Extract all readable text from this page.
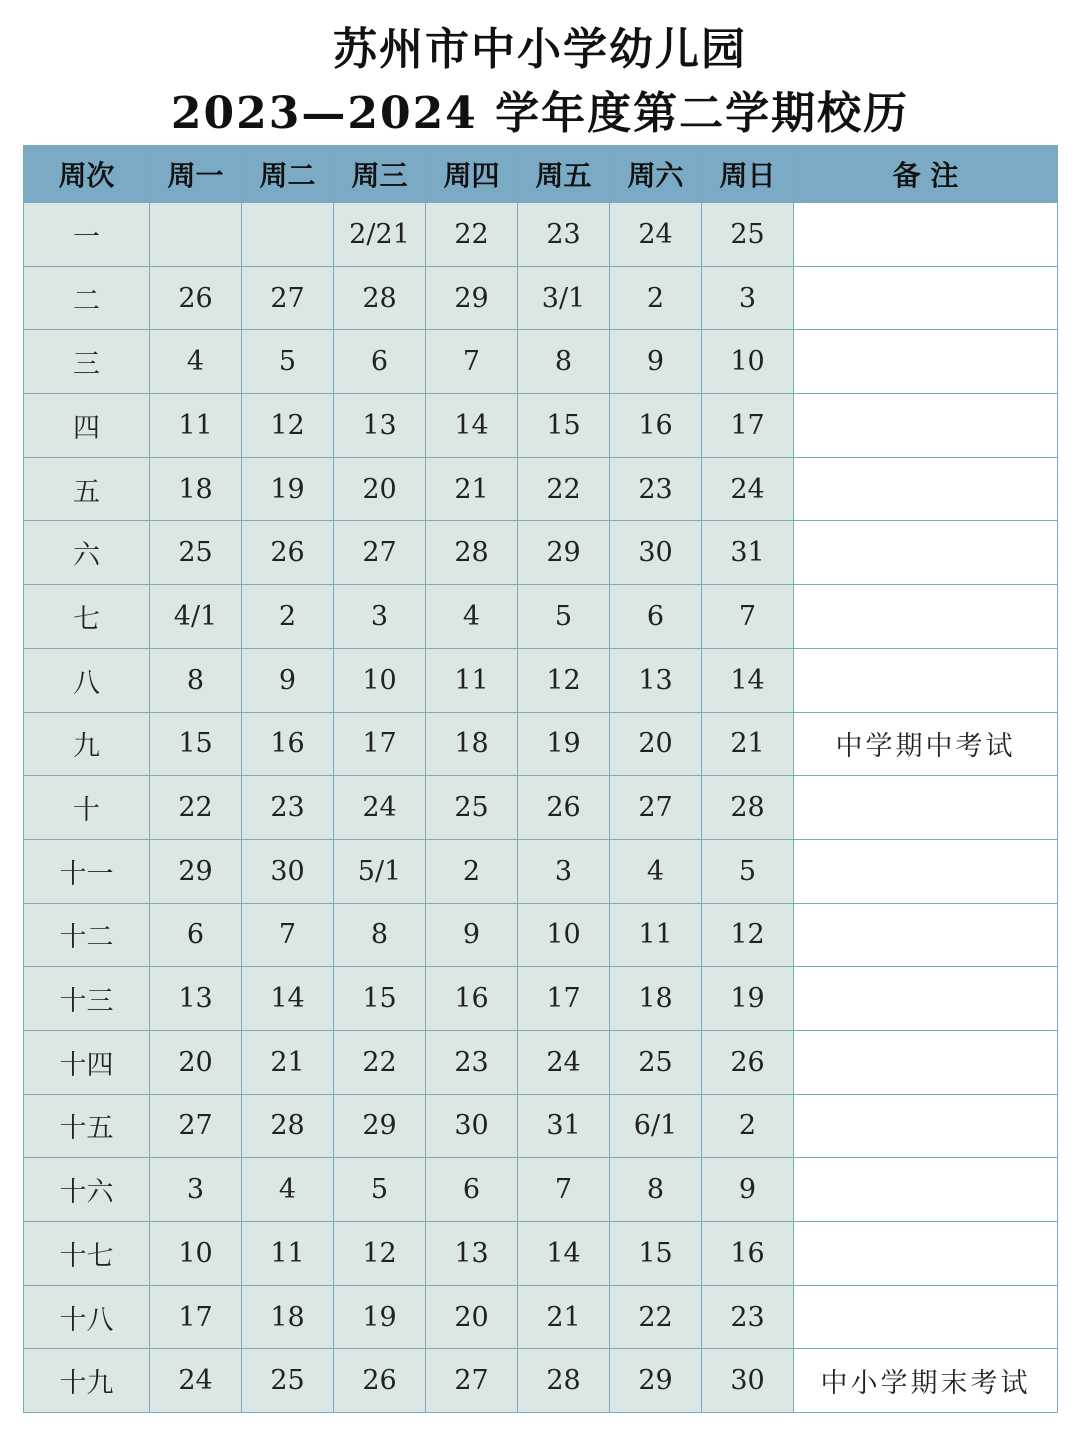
苏州市中小学幼儿园
2023—2024 学年度第二学期校历
周次	周一	周二	周三	周四	周五	周六	周日	备 注
一			2/21	22	23	24	25	
二	26	27	28	29	3/1	2	3	
三	4	5	6	7	8	9	10	
四	11	12	13	14	15	16	17	
五	18	19	20	21	22	23	24	
六	25	26	27	28	29	30	31	
七	4/1	2	3	4	5	6	7	
八	8	9	10	11	12	13	14	
九	15	16	17	18	19	20	21	中学期中考试
十	22	23	24	25	26	27	28	
十一	29	30	5/1	2	3	4	5	
十二	6	7	8	9	10	11	12	
十三	13	14	15	16	17	18	19	
十四	20	21	22	23	24	25	26	
十五	27	28	29	30	31	6/1	2	
十六	3	4	5	6	7	8	9	
十七	10	11	12	13	14	15	16	
十八	17	18	19	20	21	22	23	
十九	24	25	26	27	28	29	30	中小学期末考试
